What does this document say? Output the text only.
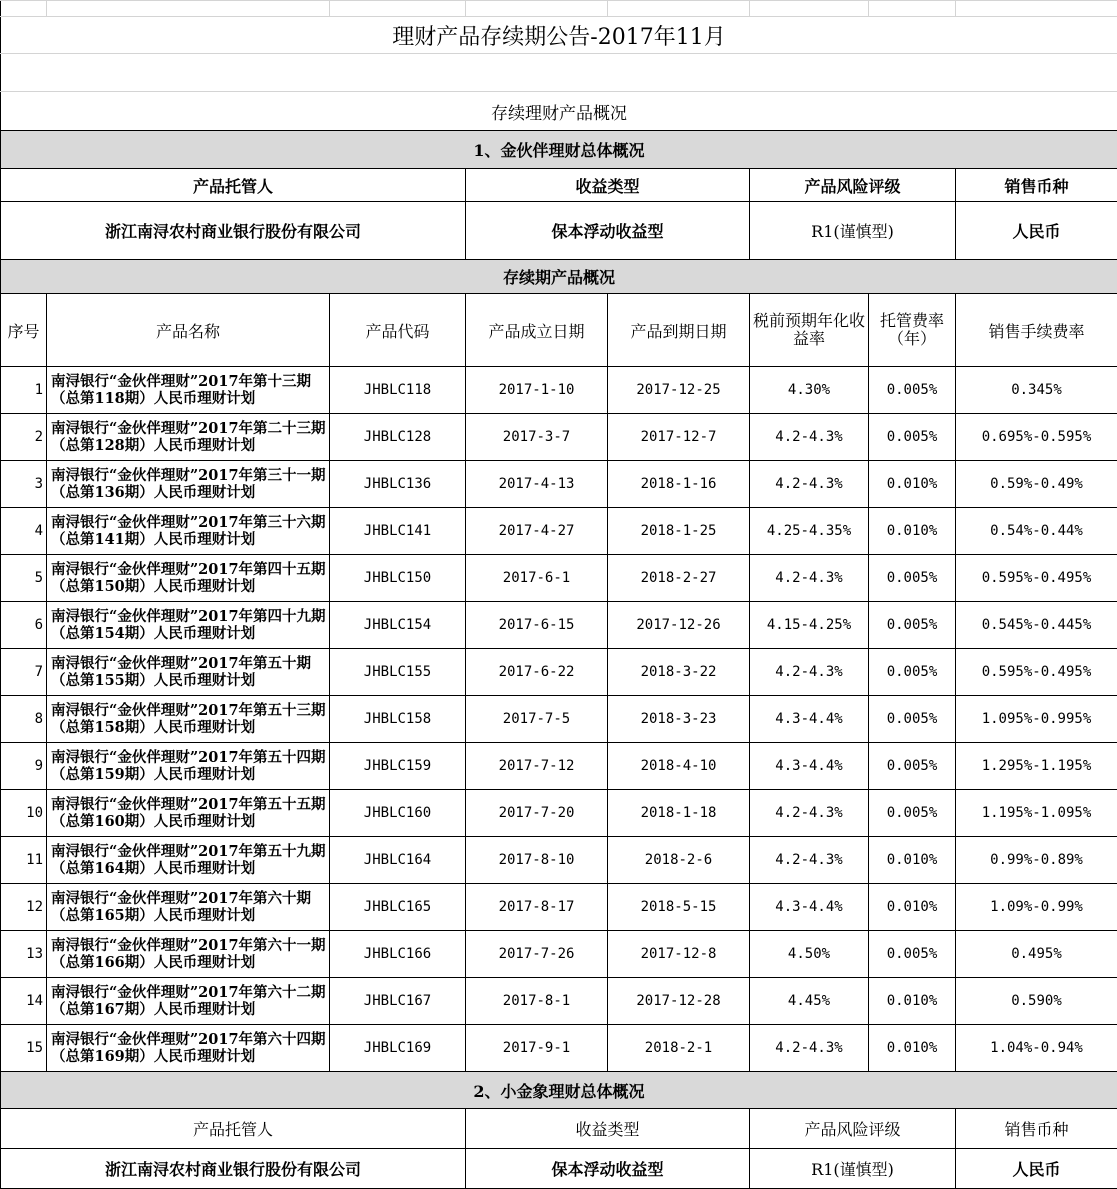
理财产品存续期公告-2017年11月							

存续理财产品概况							
1、金伙伴理财总体概况							
产品托管人			收益类型		产品风险评级		销售币种
浙江南浔农村商业银行股份有限公司			保本浮动收益型		R1(谨慎型)		人民币
存续期产品概况							
序号	产品名称	产品代码	产品成立日期	产品到期日期	税前预期年化收益率	托管费率（年）	销售手续费率
1	南浔银行“金伙伴理财”2017年第十三期（总第118期）人民币理财计划	JHBLC118	2017-1-10	2017-12-25	4.30%	0.005%	0.345%
2	南浔银行“金伙伴理财”2017年第二十三期（总第128期）人民币理财计划	JHBLC128	2017-3-7	2017-12-7	4.2-4.3%	0.005%	0.695%-0.595%
3	南浔银行“金伙伴理财”2017年第三十一期（总第136期）人民币理财计划	JHBLC136	2017-4-13	2018-1-16	4.2-4.3%	0.010%	0.59%-0.49%
4	南浔银行“金伙伴理财”2017年第三十六期（总第141期）人民币理财计划	JHBLC141	2017-4-27	2018-1-25	4.25-4.35%	0.010%	0.54%-0.44%
5	南浔银行“金伙伴理财”2017年第四十五期（总第150期）人民币理财计划	JHBLC150	2017-6-1	2018-2-27	4.2-4.3%	0.005%	0.595%-0.495%
6	南浔银行“金伙伴理财”2017年第四十九期（总第154期）人民币理财计划	JHBLC154	2017-6-15	2017-12-26	4.15-4.25%	0.005%	0.545%-0.445%
7	南浔银行“金伙伴理财”2017年第五十期（总第155期）人民币理财计划	JHBLC155	2017-6-22	2018-3-22	4.2-4.3%	0.005%	0.595%-0.495%
8	南浔银行“金伙伴理财”2017年第五十三期（总第158期）人民币理财计划	JHBLC158	2017-7-5	2018-3-23	4.3-4.4%	0.005%	1.095%-0.995%
9	南浔银行“金伙伴理财”2017年第五十四期（总第159期）人民币理财计划	JHBLC159	2017-7-12	2018-4-10	4.3-4.4%	0.005%	1.295%-1.195%
10	南浔银行“金伙伴理财”2017年第五十五期（总第160期）人民币理财计划	JHBLC160	2017-7-20	2018-1-18	4.2-4.3%	0.005%	1.195%-1.095%
11	南浔银行“金伙伴理财”2017年第五十九期（总第164期）人民币理财计划	JHBLC164	2017-8-10	2018-2-6	4.2-4.3%	0.010%	0.99%-0.89%
12	南浔银行“金伙伴理财”2017年第六十期（总第165期）人民币理财计划	JHBLC165	2017-8-17	2018-5-15	4.3-4.4%	0.010%	1.09%-0.99%
13	南浔银行“金伙伴理财”2017年第六十一期（总第166期）人民币理财计划	JHBLC166	2017-7-26	2017-12-8	4.50%	0.005%	0.495%
14	南浔银行“金伙伴理财”2017年第六十二期（总第167期）人民币理财计划	JHBLC167	2017-8-1	2017-12-28	4.45%	0.010%	0.590%
15	南浔银行“金伙伴理财”2017年第六十四期（总第169期）人民币理财计划	JHBLC169	2017-9-1	2018-2-1	4.2-4.3%	0.010%	1.04%-0.94%
2、小金象理财总体概况							
产品托管人			收益类型		产品风险评级		销售币种
浙江南浔农村商业银行股份有限公司			保本浮动收益型		R1(谨慎型)		人民币
